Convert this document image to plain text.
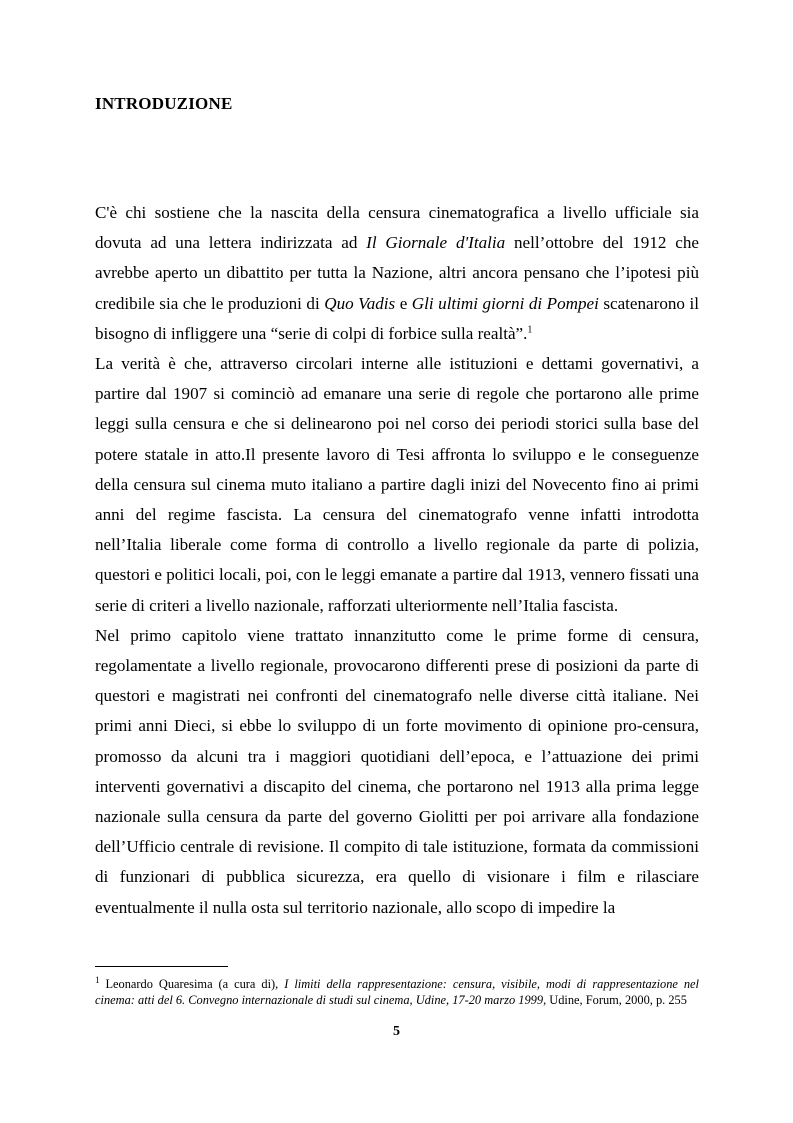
INTRODUZIONE

C'è chi sostiene che la nascita della censura cinematografica a livello ufficiale sia dovuta ad una lettera indirizzata ad Il Giornale d'Italia nell’ottobre del 1912 che avrebbe aperto un dibattito per tutta la Nazione, altri ancora pensano che l’ipotesi più credibile sia che le produzioni di Quo Vadis e Gli ultimi giorni di Pompei scatenarono il bisogno di infliggere una “serie di colpi di forbice sulla realtà”.$^1$

La verità è che, attraverso circolari interne alle istituzioni e dettami governativi, a partire dal 1907 si cominciò ad emanare una serie di regole che portarono alle prime leggi sulla censura e che si delinearono poi nel corso dei periodi storici sulla base del potere statale in atto.Il presente lavoro di Tesi affronta lo sviluppo e le conseguenze della censura sul cinema muto italiano a partire dagli inizi del Novecento fino ai primi anni del regime fascista. La censura del cinematografo venne infatti introdotta nell’Italia liberale come forma di controllo a livello regionale da parte di polizia, questori e politici locali, poi, con le leggi emanate a partire dal 1913, vennero fissati una serie di criteri a livello nazionale, rafforzati ulteriormente nell’Italia fascista.

Nel primo capitolo viene trattato innanzitutto come le prime forme di censura, regolamentate a livello regionale, provocarono differenti prese di posizioni da parte di questori e magistrati nei confronti del cinematografo nelle diverse città italiane. Nei primi anni Dieci, si ebbe lo sviluppo di un forte movimento di opinione pro-censura, promosso da alcuni tra i maggiori quotidiani dell’epoca, e l’attuazione dei primi interventi governativi a discapito del cinema, che portarono nel 1913 alla prima legge nazionale sulla censura da parte del governo Giolitti per poi arrivare alla fondazione dell’Ufficio centrale di revisione. Il compito di tale istituzione, formata da commissioni di funzionari di pubblica sicurezza, era quello di visionare i film e rilasciare eventualmente il nulla osta sul territorio nazionale, allo scopo di impedire la

$^1$ Leonardo Quaresima (a cura di), I limiti della rappresentazione: censura, visibile, modi di rappresentazione nel cinema: atti del 6. Convegno internazionale di studi sul cinema, Udine, 17-20 marzo 1999, Udine, Forum, 2000, p. 255
5
